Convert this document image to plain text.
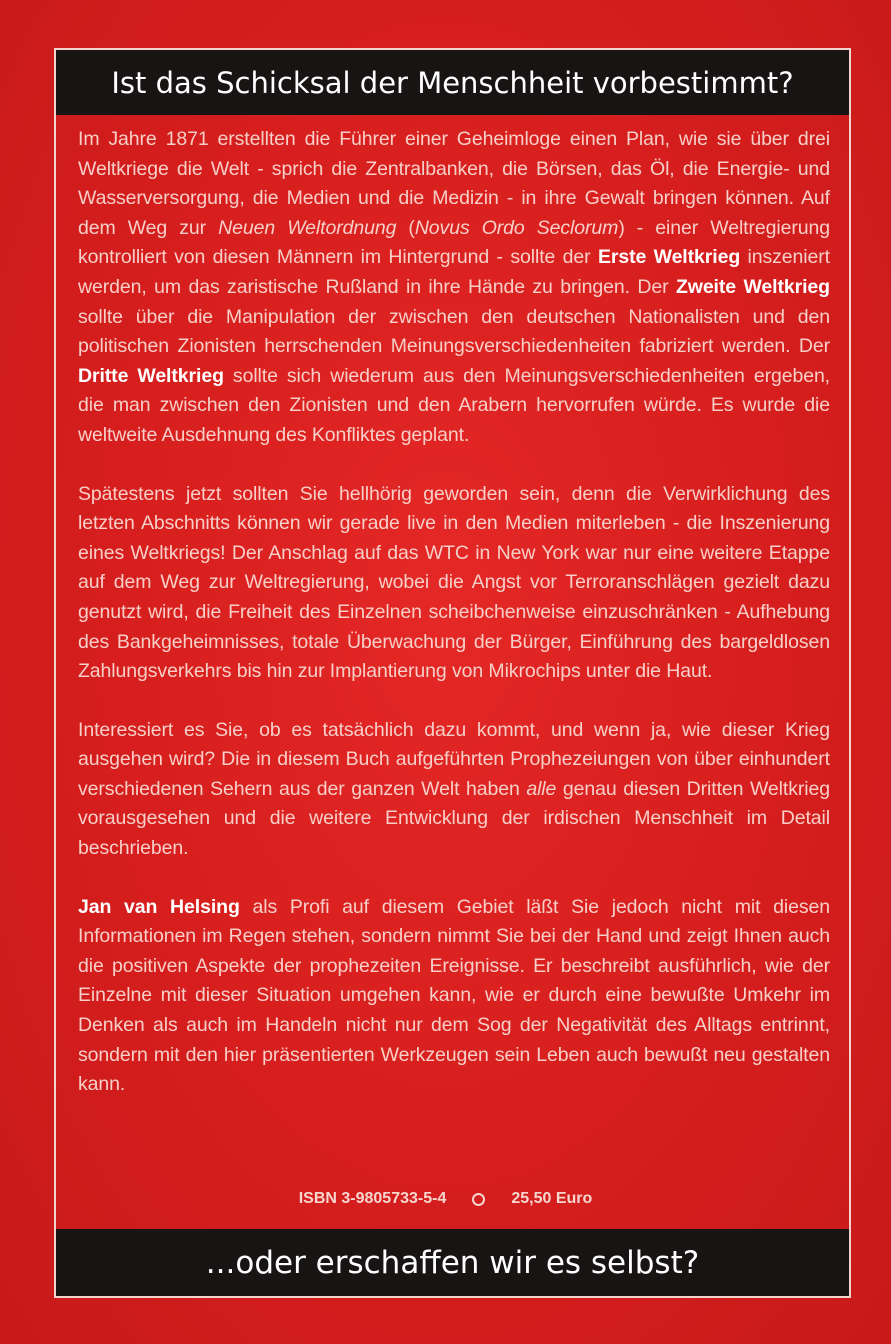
Ist das Schicksal der Menschheit vorbestimmt?

Im Jahre 1871 erstellten die Führer einer Geheimloge einen Plan, wie sie über drei Weltkriege die Welt - sprich die Zentralbanken, die Börsen, das Öl, die Energie- und Wasserversorgung, die Medien und die Medizin - in ihre Gewalt bringen können. Auf dem Weg zur Neuen Weltordnung (Novus Ordo Seclorum) - einer Weltregierung kontrolliert von diesen Männern im Hintergrund - sollte der Erste Weltkrieg inszeniert werden, um das zaristische Rußland in ihre Hände zu bringen. Der Zweite Weltkrieg sollte über die Manipulation der zwischen den deutschen Nationalisten und den politischen Zionisten herrschenden Meinungsverschiedenheiten fabriziert werden. Der Dritte Weltkrieg sollte sich wiederum aus den Meinungsverschiedenheiten ergeben, die man zwischen den Zionisten und den Arabern hervorrufen würde. Es wurde die weltweite Ausdehnung des Konfliktes geplant.

Spätestens jetzt sollten Sie hellhörig geworden sein, denn die Verwirklichung des letzten Abschnitts können wir gerade live in den Medien miterleben - die Inszenierung eines Weltkriegs! Der Anschlag auf das WTC in New York war nur eine weitere Etappe auf dem Weg zur Weltregierung, wobei die Angst vor Terroranschlägen gezielt dazu genutzt wird, die Freiheit des Einzelnen scheibchenweise einzuschränken - Aufhebung des Bankgeheimnisses, totale Überwachung der Bürger, Einführung des bargeldlosen Zahlungsverkehrs bis hin zur Implantierung von Mikrochips unter die Haut.

Interessiert es Sie, ob es tatsächlich dazu kommt, und wenn ja, wie dieser Krieg ausgehen wird? Die in diesem Buch aufgeführten Prophezeiungen von über einhundert verschiedenen Sehern aus der ganzen Welt haben alle genau diesen Dritten Weltkrieg vorausgesehen und die weitere Entwicklung der irdischen Menschheit im Detail beschrieben.

Jan van Helsing als Profi auf diesem Gebiet läßt Sie jedoch nicht mit diesen Informationen im Regen stehen, sondern nimmt Sie bei der Hand und zeigt Ihnen auch die positiven Aspekte der prophezeiten Ereignisse. Er beschreibt ausführlich, wie der Einzelne mit dieser Situation umgehen kann, wie er durch eine bewußte Umkehr im Denken als auch im Handeln nicht nur dem Sog der Negativität des Alltags entrinnt, sondern mit den hier präsentierten Werkzeugen sein Leben auch bewußt neu gestalten kann.

ISBN 3-9805733-5-4	25,50 Euro
...oder erschaffen wir es selbst?
